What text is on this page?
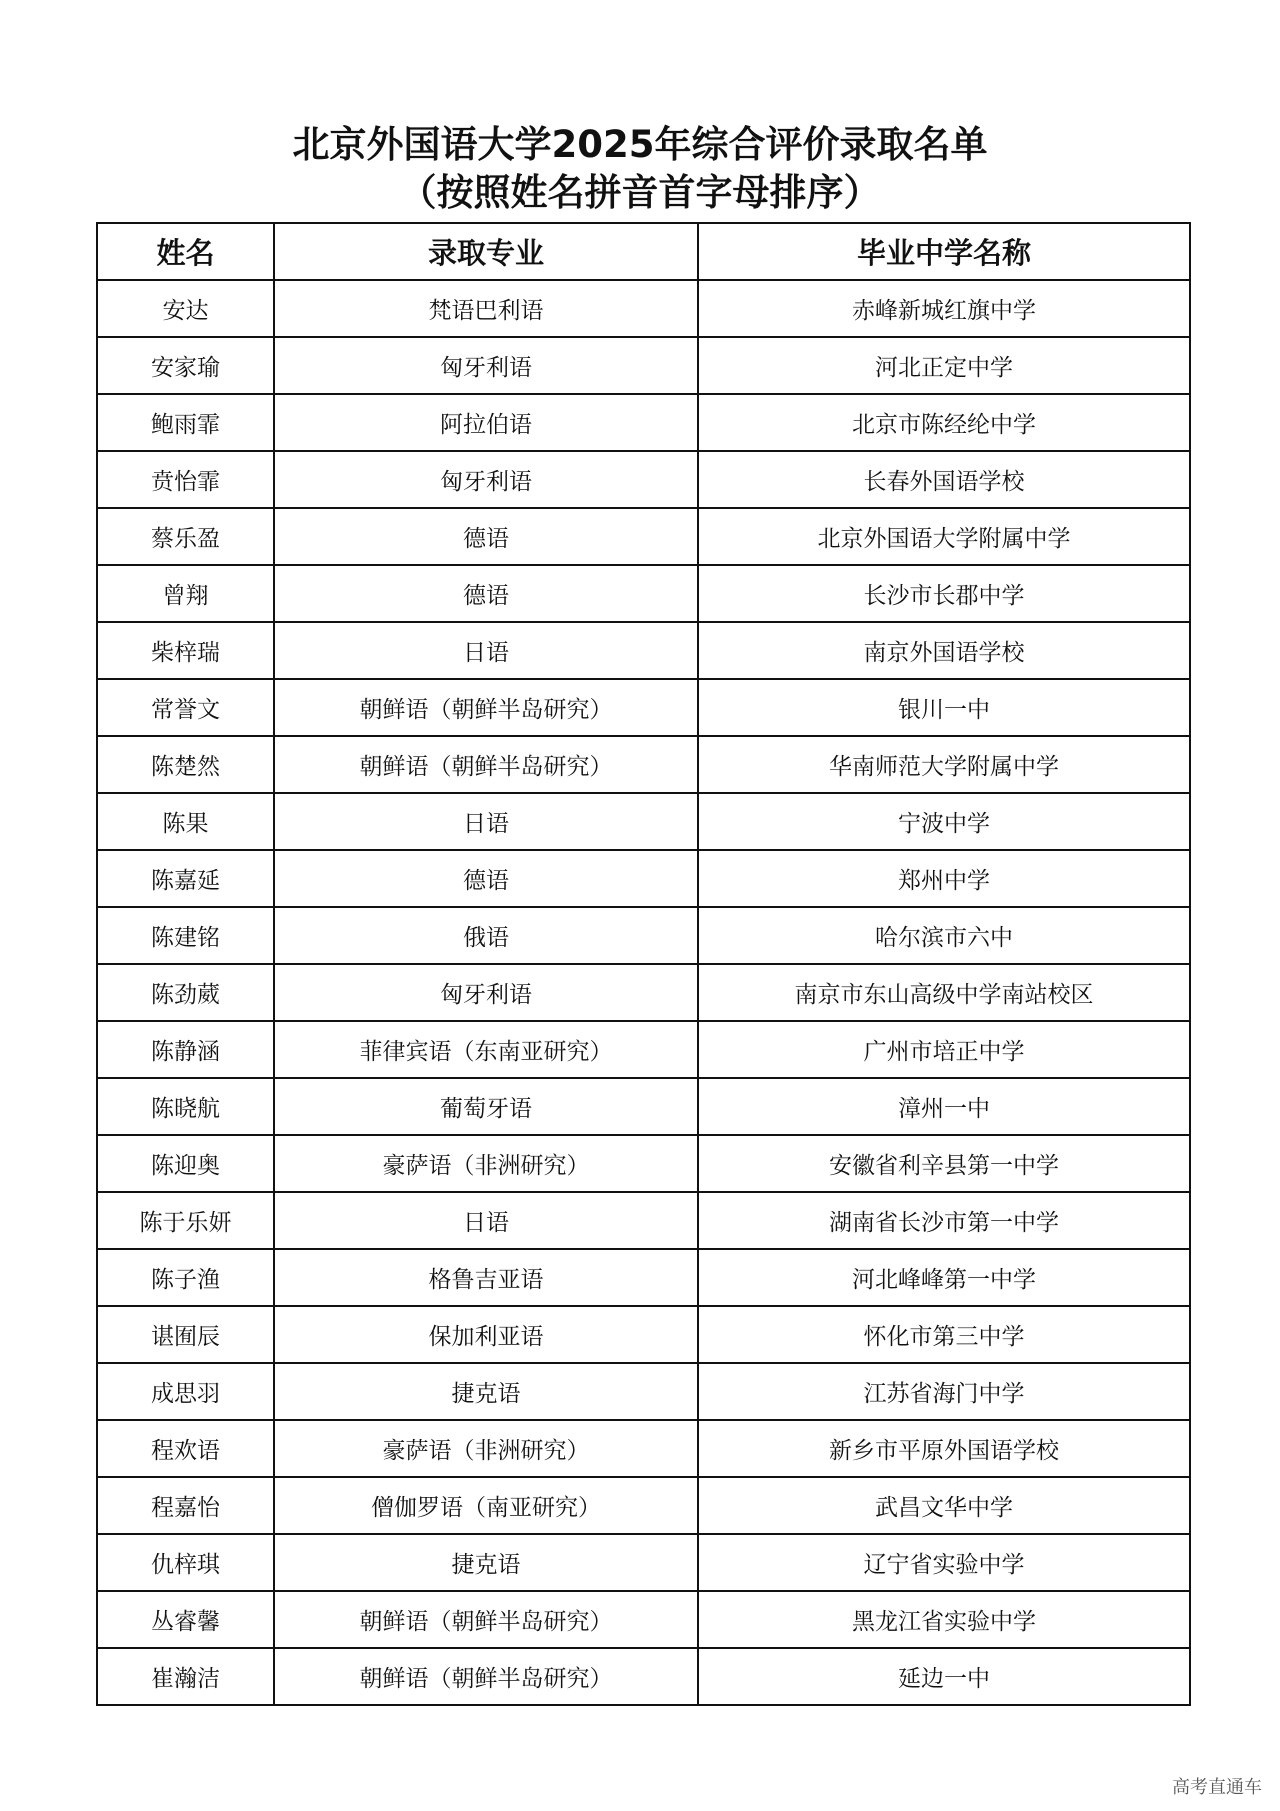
北京外国语大学2025年综合评价录取名单
（按照姓名拼音首字母排序）
姓名	录取专业	毕业中学名称
安达	梵语巴利语	赤峰新城红旗中学
安家瑜	匈牙利语	河北正定中学
鲍雨霏	阿拉伯语	北京市陈经纶中学
贲怡霏	匈牙利语	长春外国语学校
蔡乐盈	德语	北京外国语大学附属中学
曾翔	德语	长沙市长郡中学
柴梓瑞	日语	南京外国语学校
常誉文	朝鲜语（朝鲜半岛研究）	银川一中
陈楚然	朝鲜语（朝鲜半岛研究）	华南师范大学附属中学
陈果	日语	宁波中学
陈嘉延	德语	郑州中学
陈建铭	俄语	哈尔滨市六中
陈劲葳	匈牙利语	南京市东山高级中学南站校区
陈静涵	菲律宾语（东南亚研究）	广州市培正中学
陈晓航	葡萄牙语	漳州一中
陈迎奥	豪萨语（非洲研究）	安徽省利辛县第一中学
陈于乐妍	日语	湖南省长沙市第一中学
陈子渔	格鲁吉亚语	河北峰峰第一中学
谌囿辰	保加利亚语	怀化市第三中学
成思羽	捷克语	江苏省海门中学
程欢语	豪萨语（非洲研究）	新乡市平原外国语学校
程嘉怡	僧伽罗语（南亚研究）	武昌文华中学
仇梓琪	捷克语	辽宁省实验中学
丛睿馨	朝鲜语（朝鲜半岛研究）	黑龙江省实验中学
崔瀚洁	朝鲜语（朝鲜半岛研究）	延边一中
高考直通车
